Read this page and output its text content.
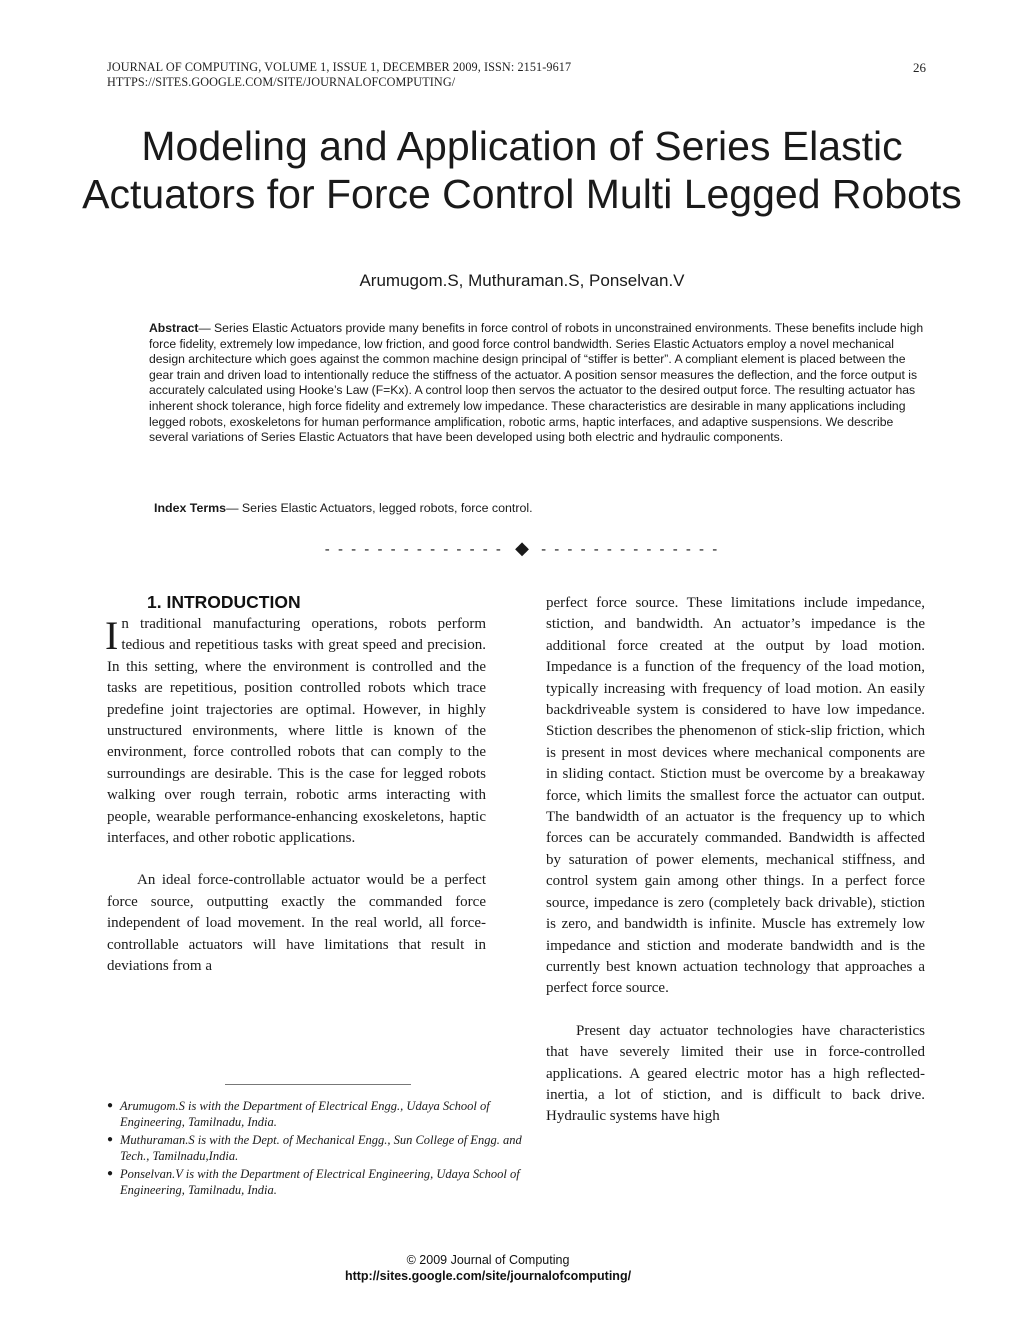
JOURNAL OF COMPUTING, VOLUME 1, ISSUE 1, DECEMBER 2009, ISSN: 2151-9617
HTTPS://SITES.GOOGLE.COM/SITE/JOURNALOFCOMPUTING/
26
Modeling and Application of Series Elastic Actuators for Force Control Multi Legged Robots
Arumugom.S, Muthuraman.S, Ponselvan.V

Abstract— Series Elastic Actuators provide many benefits in force control of robots in unconstrained environments. These benefits include high force fidelity, extremely low impedance, low friction, and good force control bandwidth. Series Elastic Actuators employ a novel mechanical design architecture which goes against the common machine design principal of “stiffer is better”. A compliant element is placed between the gear train and driven load to intentionally reduce the stiffness of the actuator. A position sensor measures the deflection, and the force output is accurately calculated using Hooke’s Law (F=Kx). A control loop then servos the actuator to the desired output force. The resulting actuator has inherent shock tolerance, high force fidelity and extremely low impedance. These characteristics are desirable in many applications including legged robots, exoskeletons for human performance amplification, robotic arms, haptic interfaces, and adaptive suspensions. We describe several variations of Series Elastic Actuators that have been developed using both electric and hydraulic components.

Index Terms— Series Elastic Actuators, legged robots, force control.
- - - - - - - - - - - - - - ◆ - - - - - - - - - - - - - -
1. INTRODUCTION

In traditional manufacturing operations, robots perform tedious and repetitious tasks with great speed and precision. In this setting, where the environment is controlled and the tasks are repetitious, position controlled robots which trace predefine joint trajectories are optimal. However, in highly unstructured environments, where little is known of the environment, force controlled robots that can comply to the surroundings are desirable. This is the case for legged robots walking over rough terrain, robotic arms interacting with people, wearable performance-enhancing exoskeletons, haptic interfaces, and other robotic applications.

An ideal force-controllable actuator would be a perfect force source, outputting exactly the commanded force independent of load movement. In the real world, all force-controllable actuators will have limitations that result in deviations from a

perfect force source. These limitations include impedance, stiction, and bandwidth. An actuator’s impedance is the additional force created at the output by load motion. Impedance is a function of the frequency of the load motion, typically increasing with frequency of load motion. An easily backdriveable system is considered to have low impedance. Stiction describes the phenomenon of stick-slip friction, which is present in most devices where mechanical components are in sliding contact. Stiction must be overcome by a breakaway force, which limits the smallest force the actuator can output. The bandwidth of an actuator is the frequency up to which forces can be accurately commanded. Bandwidth is affected by saturation of power elements, mechanical stiffness, and control system gain among other things. In a perfect force source, impedance is zero (completely back drivable), stiction is zero, and bandwidth is infinite. Muscle has extremely low impedance and stiction and moderate bandwidth and is the currently best known actuation technology that approaches a perfect force source.

Present day actuator technologies have characteristics that have severely limited their use in force-controlled applications. A geared electric motor has a high reflected-inertia, a lot of stiction, and is difficult to back drive. Hydraulic systems have high

● Arumugom.S is with the Department of Electrical Engg., Udaya School of Engineering, Tamilnadu, India.
● Muthuraman.S is with the Dept. of Mechanical Engg., Sun College of Engg. and Tech., Tamilnadu,India.
● Ponselvan.V is with the Department of Electrical Engineering, Udaya School of Engineering, Tamilnadu, India.
© 2009 Journal of Computing
http://sites.google.com/site/journalofcomputing/
